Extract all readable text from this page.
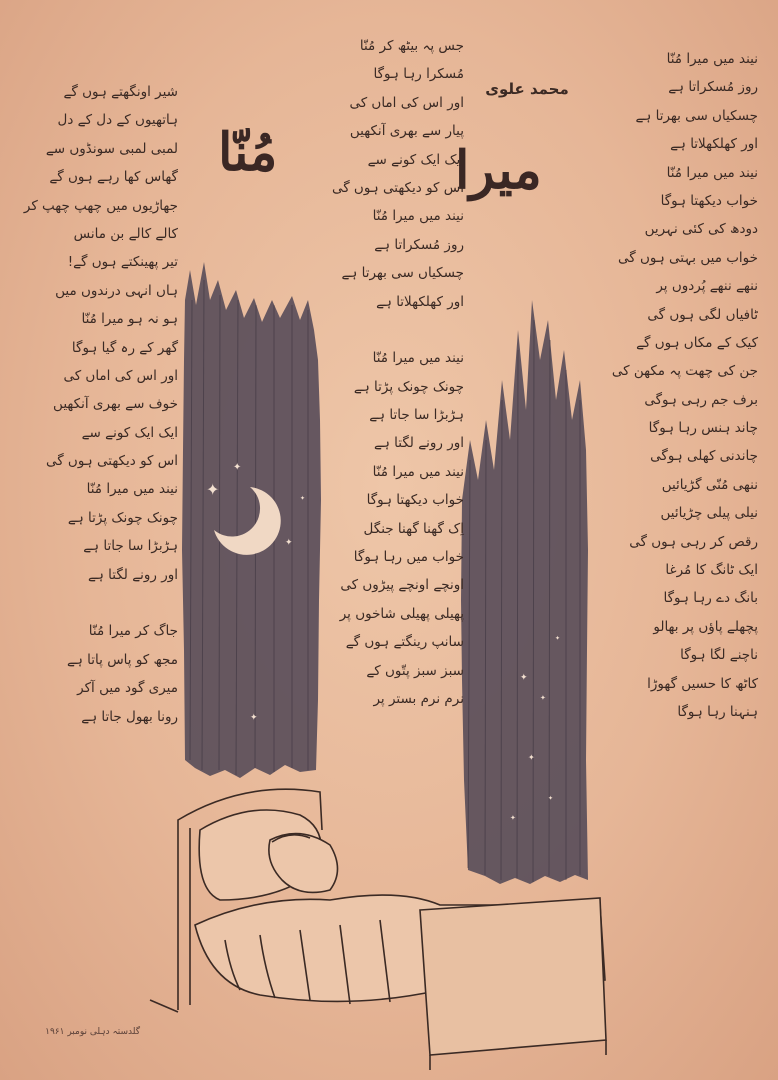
✦
✦
✦
✦
✦
✦
✦
✦
✦
✦
✦
میرا
مُنّا
محمد علوی
نیند میں میرا مُنّا
روز مُسکراتا ہے
چسکیاں سی بھرتا ہے
اور کھلکھلاتا ہے
نیند میں میرا مُنّا
خواب دیکھتا ہوگا
دودھ کی کئی نہریں
خواب میں بہتی ہوں گی
ننھے ننھے پُردوں پر
ٹافیاں لگی ہوں گی
کیک کے مکاں ہوں گے
جن کی چھت پہ مکھن کی
برف جم رہی ہوگی
چاند ہنس رہا ہوگا
چاندنی کھلی ہوگی
ننھی مُنّی گڑیائیں
نیلی پیلی چڑیائیں
رقص کر رہی ہوں گی
ایک ٹانگ کا مُرغا
بانگ دے رہا ہوگا
پچھلے پاؤں پر بھالو
ناچنے لگا ہوگا
کاٹھ کا حسیں گھوڑا
ہنہنا رہا ہوگا
جس پہ بیٹھ کر مُنّا
مُسکرا رہا ہوگا
اور اس کی اماں کی
پیار سے بھری آنکھیں
ایک ایک کونے سے
اُس کو دیکھتی ہوں گی
نیند میں میرا مُنّا
روز مُسکراتا ہے
چسکیاں سی بھرتا ہے
اور کھلکھلاتا ہے
نیند میں میرا مُنّا
چونک چونک پڑتا ہے
ہڑبڑا سا جاتا ہے
اور رونے لگتا ہے
نیند میں میرا مُنّا
خواب دیکھتا ہوگا
اِک گھنا گھنا جنگل
خواب میں رہا ہوگا
اونچے اونچے پیڑوں کی
پھیلی پھیلی شاخوں پر
سانپ رینگتے ہوں گے
سبز سبز پتّوں کے
نرم نرم بستر پر
شیر اونگھتے ہوں گے
ہاتھیوں کے دل کے دل
لمبی لمبی سونڈوں سے
گھاس کھا رہے ہوں گے
جھاڑیوں میں چھپ چھپ کر
کالے کالے بن مانس
تیر پھینکتے ہوں گے!
ہاں انہی درندوں میں
ہو نہ ہو میرا مُنّا
گھر کے رہ گیا ہوگا
اور اس کی اماں کی
خوف سے بھری آنکھیں
ایک ایک کونے سے
اس کو دیکھتی ہوں گی
نیند میں میرا مُنّا
چونک چونک پڑتا ہے
ہڑبڑا سا جاتا ہے
اور رونے لگتا ہے
جاگ کر میرا مُنّا
مجھ کو پاس پاتا ہے
میری گود میں آکر
رونا بھول جاتا ہے
گلدستہ دہلی نومبر ۱۹۶۱
